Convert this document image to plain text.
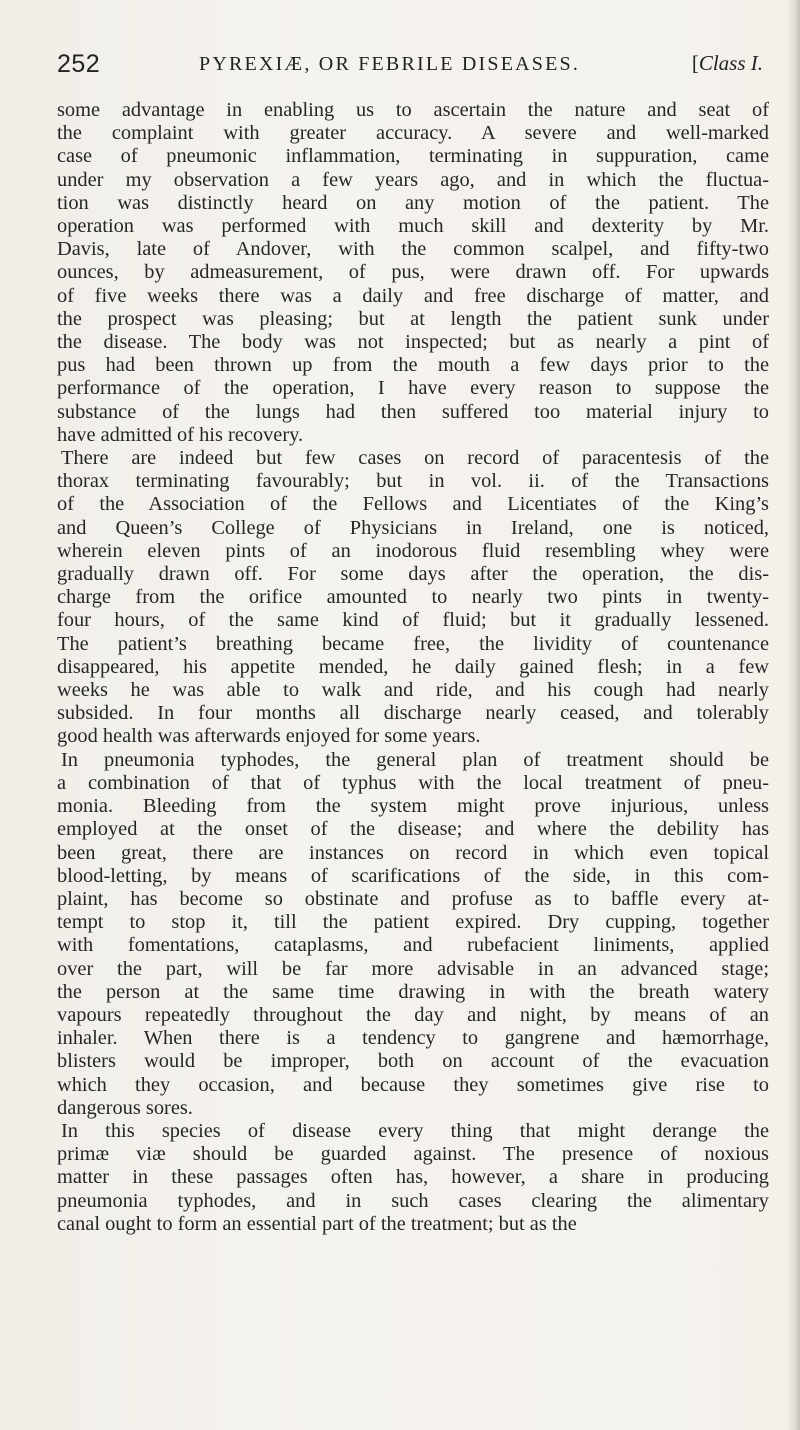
252	PYREXIÆ, OR FEBRILE DISEASES.	[Class I.
some advantage in enabling us to ascertain the nature and seat of
the complaint with greater accuracy. A severe and well-marked
case of pneumonic inflammation, terminating in suppuration, came
under my observation a few years ago, and in which the fluctua-
tion was distinctly heard on any motion of the patient. The
operation was performed with much skill and dexterity by Mr.
Davis, late of Andover, with the common scalpel, and fifty-two
ounces, by admeasurement, of pus, were drawn off. For upwards
of five weeks there was a daily and free discharge of matter, and
the prospect was pleasing; but at length the patient sunk under
the disease. The body was not inspected; but as nearly a pint of
pus had been thrown up from the mouth a few days prior to the
performance of the operation, I have every reason to suppose the
substance of the lungs had then suffered too material injury to
have admitted of his recovery.
There are indeed but few cases on record of paracentesis of the
thorax terminating favourably; but in vol. ii. of the Transactions
of the Association of the Fellows and Licentiates of the King’s
and Queen’s College of Physicians in Ireland, one is noticed,
wherein eleven pints of an inodorous fluid resembling whey were
gradually drawn off. For some days after the operation, the dis-
charge from the orifice amounted to nearly two pints in twenty-
four hours, of the same kind of fluid; but it gradually lessened.
The patient’s breathing became free, the lividity of countenance
disappeared, his appetite mended, he daily gained flesh; in a few
weeks he was able to walk and ride, and his cough had nearly
subsided. In four months all discharge nearly ceased, and tolerably
good health was afterwards enjoyed for some years.
In pneumonia typhodes, the general plan of treatment should be
a combination of that of typhus with the local treatment of pneu-
monia. Bleeding from the system might prove injurious, unless
employed at the onset of the disease; and where the debility has
been great, there are instances on record in which even topical
blood-letting, by means of scarifications of the side, in this com-
plaint, has become so obstinate and profuse as to baffle every at-
tempt to stop it, till the patient expired. Dry cupping, together
with fomentations, cataplasms, and rubefacient liniments, applied
over the part, will be far more advisable in an advanced stage;
the person at the same time drawing in with the breath watery
vapours repeatedly throughout the day and night, by means of an
inhaler. When there is a tendency to gangrene and hæmorrhage,
blisters would be improper, both on account of the evacuation
which they occasion, and because they sometimes give rise to
dangerous sores.
In this species of disease every thing that might derange the
primæ viæ should be guarded against. The presence of noxious
matter in these passages often has, however, a share in producing
pneumonia typhodes, and in such cases clearing the alimentary
canal ought to form an essential part of the treatment; but as the
